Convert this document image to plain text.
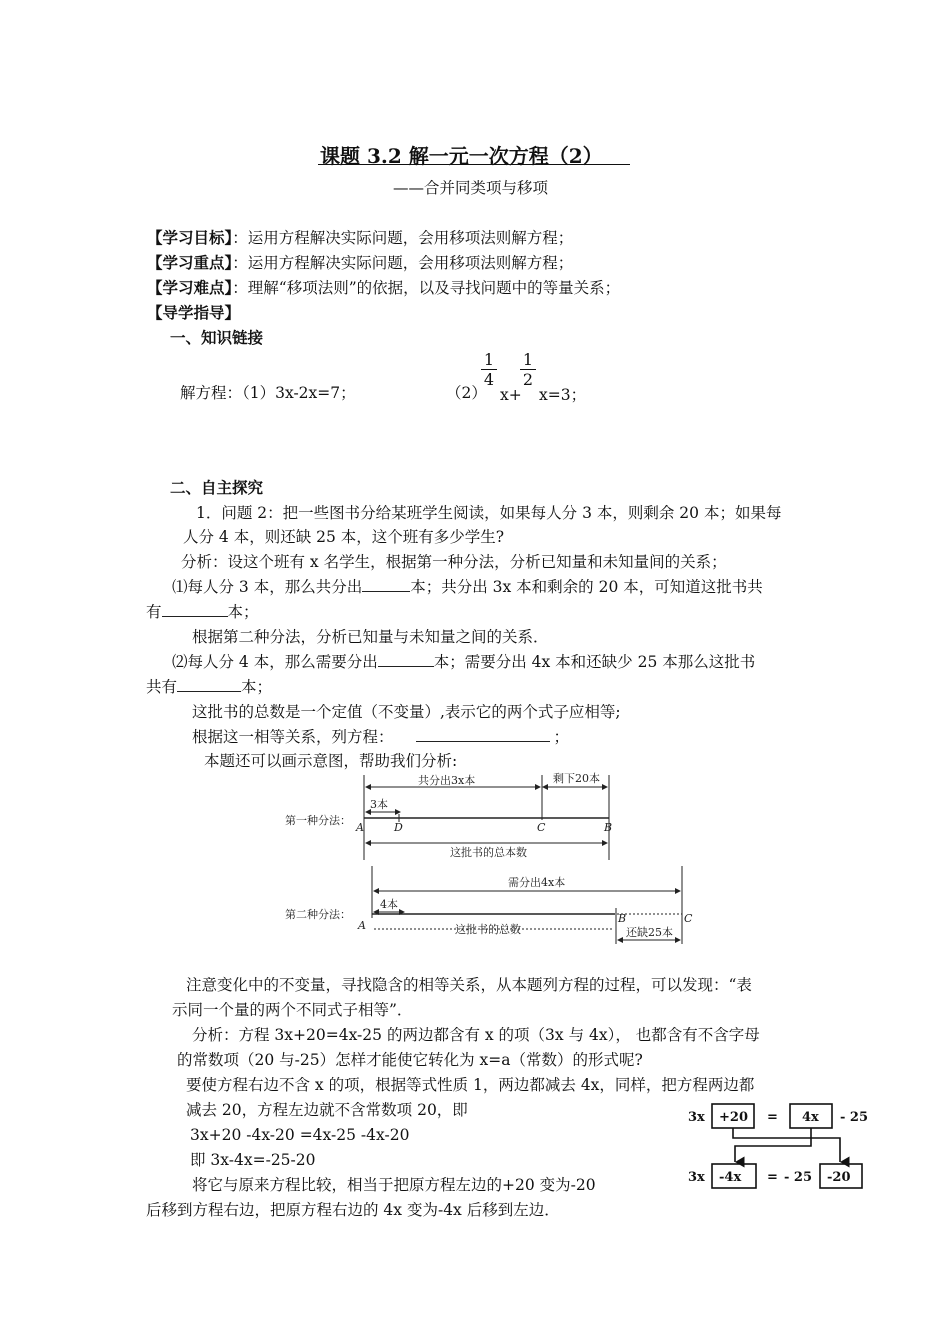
课题 3.2 解一元一次方程（2）
——合并同类项与移项
【学习目标】：运用方程解决实际问题，会用移项法则解方程；
【学习重点】：运用方程解决实际问题，会用移项法则解方程；
【学习难点】：理解“移项法则”的依据，以及寻找问题中的等量关系；
【导学指导】
一、知识链接
解方程：（1）3x-2x=7；	（2）
1
4
x+
1
2
x=3；
二、自主探究
1．问题 2：把一些图书分给某班学生阅读，如果每人分 3 本，则剩余 20 本；如果每
人分 4 本，则还缺 25 本，这个班有多少学生?
分析：设这个班有 x 名学生，根据第一种分法，分析已知量和未知量间的关系；
⑴每人分 3 本，那么共分出	本；共分出 3x 本和剩余的 20 本，可知道这批书共
有	本；
根据第二种分法，分析已知量与未知量之间的关系．
⑵每人分 4 本，那么需要分出	本；需要分出 4x 本和还缺少 25 本那么这批书
共有	本；
这批书的总数是一个定值（不变量）,表示它的两个式子应相等;
根据这一相等关系，列方程：	；
本题还可以画示意图，帮助我们分析:
第一种分法：
共分出3x本	剩下20本
3本
A	D	C	B
这批书的总本数
第二种分法：
需分出4x本
4本
A
B	C
这批书的总数	还缺25本
注意变化中的不变量，寻找隐含的相等关系，从本题列方程的过程，可以发现：“表
示同一个量的两个不同式子相等”．
分析：方程 3x+20=4x-25 的两边都含有 x 的项（3x 与 4x）， 也都含有不含字母
的常数项（20 与-25）怎样才能使它转化为 x=a（常数）的形式呢?
要使方程右边不含 x 的项，根据等式性质 1，两边都减去 4x，同样，把方程两边都
减去 20，方程左边就不含常数项 20，即
3x+20 -4x-20 =4x-25 -4x-20
即 3x-4x=-25-20
将它与原来方程比较，相当于把原方程左边的+20 变为-20
后移到方程右边，把原方程右边的 4x 变为-4x 后移到左边．
3x +20 = 4x - 25
3x -4x = - 25 -20
